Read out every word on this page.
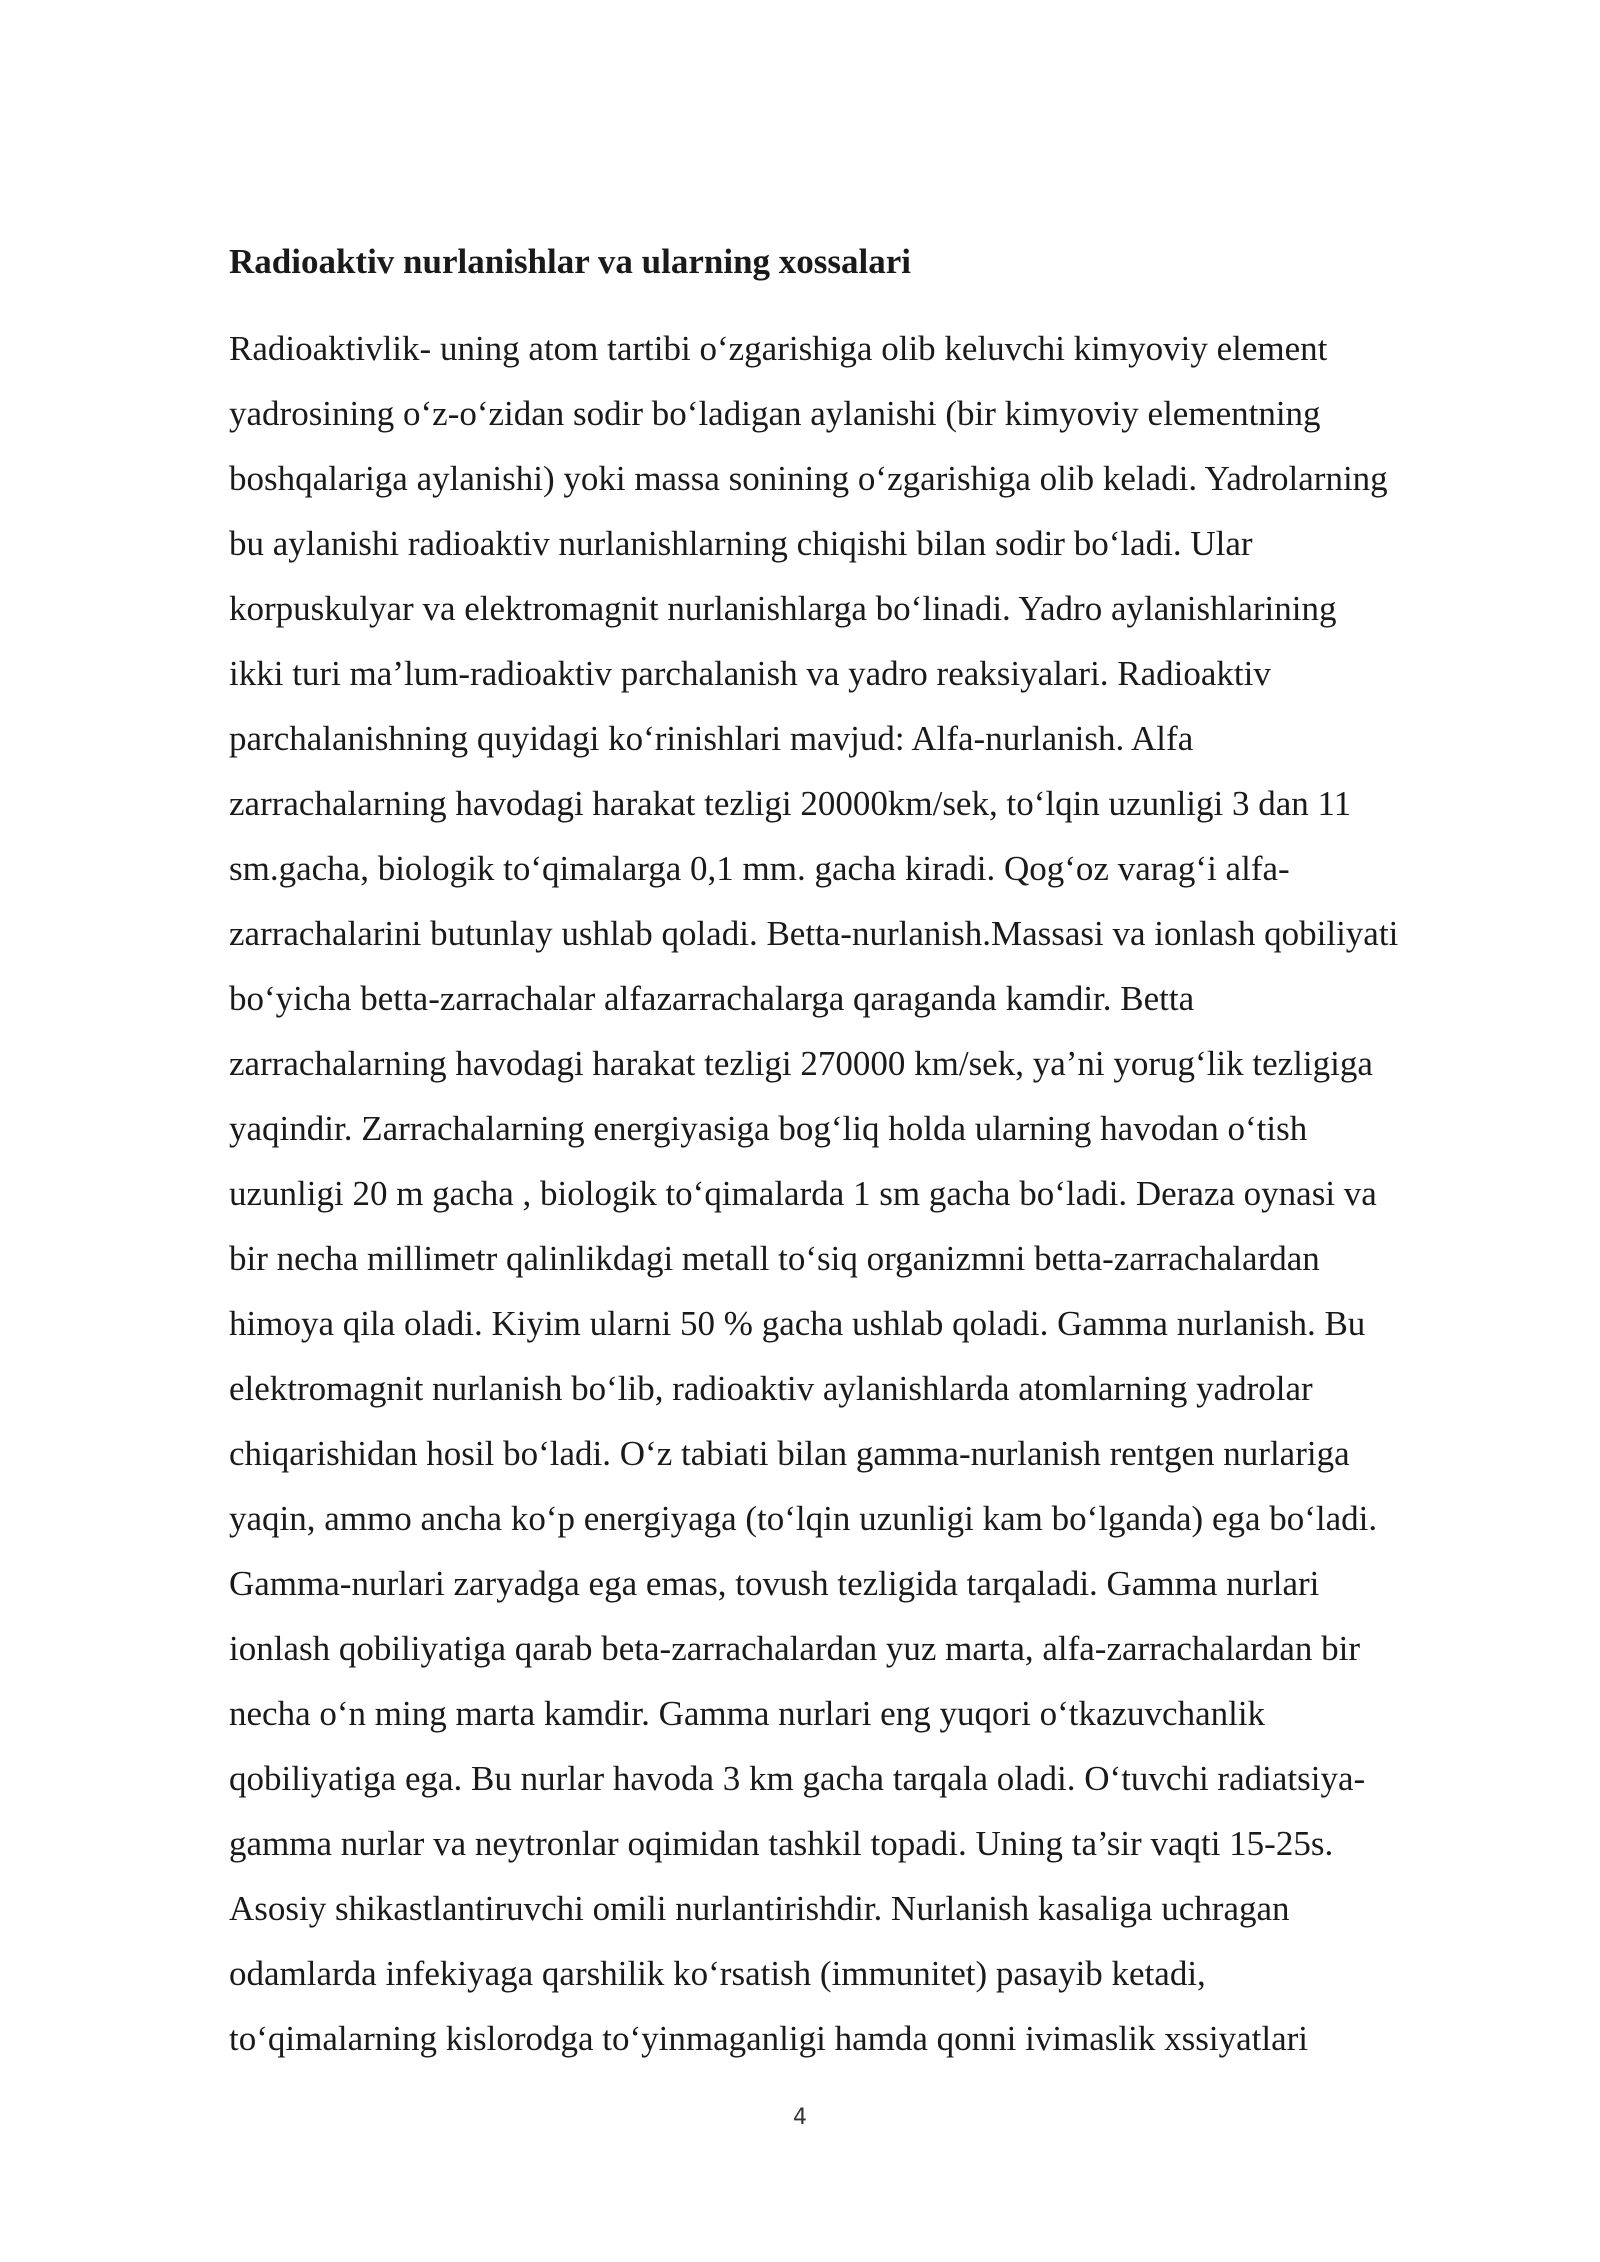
Radioaktiv nurlanishlar va ularning xossalari
Radioaktivlik- uning atom tartibi o‘zgarishiga olib keluvchi kimyoviy element
yadrosining o‘z-o‘zidan sodir bo‘ladigan aylanishi (bir kimyoviy elementning
boshqalariga aylanishi) yoki massa sonining o‘zgarishiga olib keladi. Yadrolarning
bu aylanishi radioaktiv nurlanishlarning chiqishi bilan sodir bo‘ladi. Ular
korpuskulyar va elektromagnit nurlanishlarga bo‘linadi. Yadro aylanishlarining
ikki turi ma’lum-radioaktiv parchalanish va yadro reaksiyalari. Radioaktiv
parchalanishning quyidagi ko‘rinishlari mavjud: Alfa-nurlanish. Alfa
zarrachalarning havodagi harakat tezligi 20000km/sek, to‘lqin uzunligi 3 dan 11
sm.gacha, biologik to‘qimalarga 0,1 mm. gacha kiradi. Qog‘oz varag‘i alfa-
zarrachalarini butunlay ushlab qoladi. Betta-nurlanish.Massasi va ionlash qobiliyati
bo‘yicha betta-zarrachalar alfazarrachalarga qaraganda kamdir. Betta
zarrachalarning havodagi harakat tezligi 270000 km/sek, ya’ni yorug‘lik tezligiga
yaqindir. Zarrachalarning energiyasiga bog‘liq holda ularning havodan o‘tish
uzunligi 20 m gacha , biologik to‘qimalarda 1 sm gacha bo‘ladi. Deraza oynasi va
bir necha millimetr qalinlikdagi metall to‘siq organizmni betta-zarrachalardan
himoya qila oladi. Kiyim ularni 50 % gacha ushlab qoladi. Gamma nurlanish. Bu
elektromagnit nurlanish bo‘lib, radioaktiv aylanishlarda atomlarning yadrolar
chiqarishidan hosil bo‘ladi. O‘z tabiati bilan gamma-nurlanish rentgen nurlariga
yaqin, ammo ancha ko‘p energiyaga (to‘lqin uzunligi kam bo‘lganda) ega bo‘ladi.
Gamma-nurlari zaryadga ega emas, tovush tezligida tarqaladi. Gamma nurlari
ionlash qobiliyatiga qarab beta-zarrachalardan yuz marta, alfa-zarrachalardan bir
necha o‘n ming marta kamdir. Gamma nurlari eng yuqori o‘tkazuvchanlik
qobiliyatiga ega. Bu nurlar havoda 3 km gacha tarqala oladi. O‘tuvchi radiatsiya-
gamma nurlar va neytronlar oqimidan tashkil topadi. Uning ta’sir vaqti 15-25s.
Asosiy shikastlantiruvchi omili nurlantirishdir. Nurlanish kasaliga uchragan
odamlarda infekiyaga qarshilik ko‘rsatish (immunitet) pasayib ketadi,
to‘qimalarning kislorodga to‘yinmaganligi hamda qonni ivimaslik xssiyatlari
4
